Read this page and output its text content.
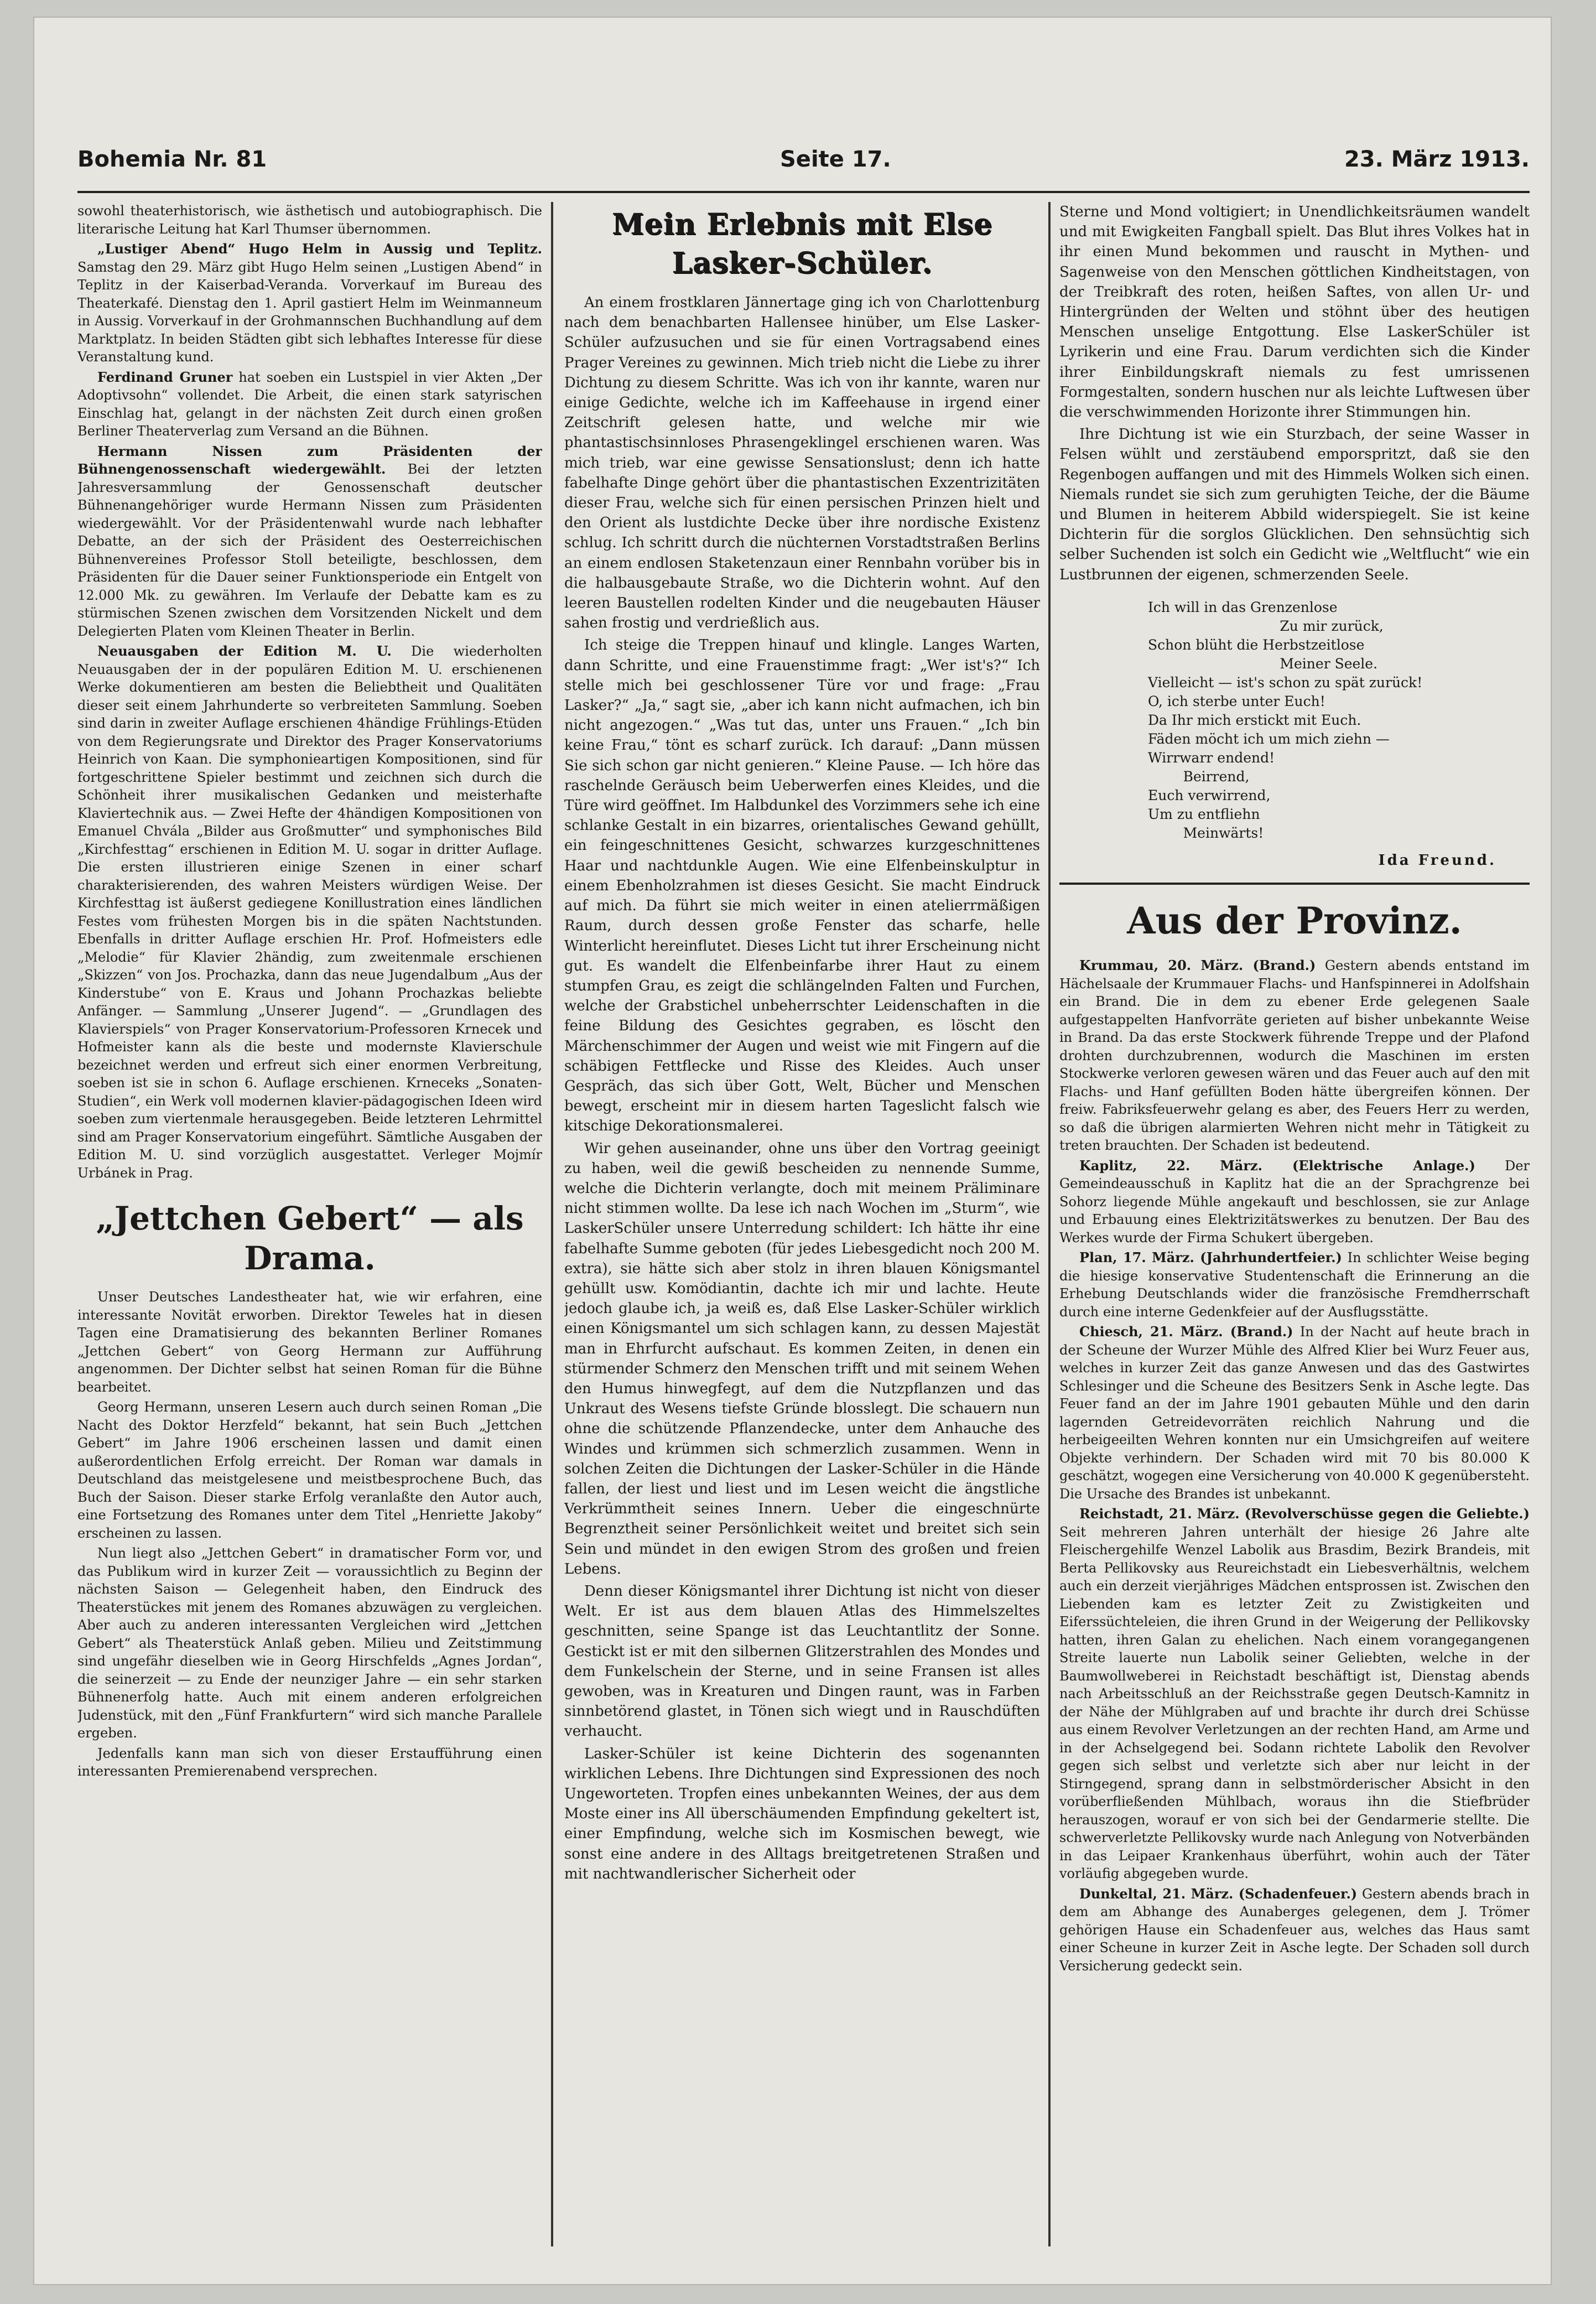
Bohemia Nr. 81	Seite 17.	23. März 1913.

sowohl theaterhistorisch, wie ästhetisch und autobiographisch. Die literarische Leitung hat Karl Thumser übernommen.

„Lustiger Abend“ Hugo Helm in Aussig und Teplitz. Samstag den 29. März gibt Hugo Helm seinen „Lustigen Abend“ in Teplitz in der Kaiserbad-Veranda. Vorverkauf im Bureau des Theaterkafé. Dienstag den 1. April gastiert Helm im Weinmanneum in Aussig. Vorverkauf in der Grohmannschen Buchhandlung auf dem Marktplatz. In beiden Städten gibt sich lebhaftes Interesse für diese Veranstaltung kund.

Ferdinand Gruner hat soeben ein Lustspiel in vier Akten „Der Adoptivsohn“ vollendet. Die Arbeit, die einen stark satyrischen Einschlag hat, gelangt in der nächsten Zeit durch einen großen Berliner Theaterverlag zum Versand an die Bühnen.

Hermann Nissen zum Präsidenten der Bühnengenossenschaft wiedergewählt. Bei der letzten Jahresversammlung der Genossenschaft deutscher Bühnenangehöriger wurde Hermann Nissen zum Präsidenten wiedergewählt. Vor der Präsidentenwahl wurde nach lebhafter Debatte, an der sich der Präsident des Oesterreichischen Bühnenvereines Professor Stoll beteiligte, beschlossen, dem Präsidenten für die Dauer seiner Funktionsperiode ein Entgelt von 12.000 Mk. zu gewähren. Im Verlaufe der Debatte kam es zu stürmischen Szenen zwischen dem Vorsitzenden Nickelt und dem Delegierten Platen vom Kleinen Theater in Berlin.

Neuausgaben der Edition M. U. Die wiederholten Neuausgaben der in der populären Edition M. U. erschienenen Werke dokumentieren am besten die Beliebtheit und Qualitäten dieser seit einem Jahrhunderte so verbreiteten Sammlung. Soeben sind darin in zweiter Auflage erschienen 4händige Frühlings-Etüden von dem Regierungsrate und Direktor des Prager Konservatoriums Heinrich von Kaan. Die symphonieartigen Kompositionen, sind für fortgeschrittene Spieler bestimmt und zeichnen sich durch die Schönheit ihrer musikalischen Gedanken und meisterhafte Klaviertechnik aus. — Zwei Hefte der 4händigen Kompositionen von Emanuel Chvála „Bilder aus Großmutter“ und symphonisches Bild „Kirchfesttag“ erschienen in Edition M. U. sogar in dritter Auflage. Die ersten illustrieren einige Szenen in einer scharf charakterisierenden, des wahren Meisters würdigen Weise. Der Kirchfesttag ist äußerst gediegene Konillustration eines ländlichen Festes vom frühesten Morgen bis in die späten Nachtstunden. Ebenfalls in dritter Auflage erschien Hr. Prof. Hofmeisters edle „Melodie“ für Klavier 2händig, zum zweitenmale erschienen „Skizzen“ von Jos. Prochazka, dann das neue Jugendalbum „Aus der Kinderstube“ von E. Kraus und Johann Prochazkas beliebte Anfänger. — Sammlung „Unserer Jugend“. — „Grundlagen des Klavierspiels“ von Prager Konservatorium-Professoren Krnecek und Hofmeister kann als die beste und modernste Klavierschule bezeichnet werden und erfreut sich einer enormen Verbreitung, soeben ist sie in schon 6. Auflage erschienen. Krneceks „Sonaten-Studien“, ein Werk voll modernen klavier-pädagogischen Ideen wird soeben zum viertenmale herausgegeben. Beide letzteren Lehrmittel sind am Prager Konservatorium eingeführt. Sämtliche Ausgaben der Edition M. U. sind vorzüglich ausgestattet. Verleger Mojmír Urbánek in Prag.

„Jettchen Gebert“ — als Drama.

Unser Deutsches Landestheater hat, wie wir erfahren, eine interessante Novität erworben. Direktor Teweles hat in diesen Tagen eine Dramatisierung des bekannten Berliner Romanes „Jettchen Gebert“ von Georg Hermann zur Aufführung angenommen. Der Dichter selbst hat seinen Roman für die Bühne bearbeitet.

Georg Hermann, unseren Lesern auch durch seinen Roman „Die Nacht des Doktor Herzfeld“ bekannt, hat sein Buch „Jettchen Gebert“ im Jahre 1906 erscheinen lassen und damit einen außerordentlichen Erfolg erreicht. Der Roman war damals in Deutschland das meistgelesene und meistbesprochene Buch, das Buch der Saison. Dieser starke Erfolg veranlaßte den Autor auch, eine Fortsetzung des Romanes unter dem Titel „Henriette Jakoby“ erscheinen zu lassen.

Nun liegt also „Jettchen Gebert“ in dramatischer Form vor, und das Publikum wird in kurzer Zeit — voraussichtlich zu Beginn der nächsten Saison — Gelegenheit haben, den Eindruck des Theaterstückes mit jenem des Romanes abzuwägen zu vergleichen. Aber auch zu anderen interessanten Vergleichen wird „Jettchen Gebert“ als Theaterstück Anlaß geben. Milieu und Zeitstimmung sind ungefähr dieselben wie in Georg Hirschfelds „Agnes Jordan“, die seinerzeit — zu Ende der neunziger Jahre — ein sehr starken Bühnenerfolg hatte. Auch mit einem anderen erfolgreichen Judenstück, mit den „Fünf Frankfurtern“ wird sich manche Parallele ergeben.

Jedenfalls kann man sich von dieser Erstaufführung einen interessanten Premierenabend versprechen.

Mein Erlebnis mit Else Lasker-Schüler.

An einem frostklaren Jännertage ging ich von Charlottenburg nach dem benachbarten Hallensee hinüber, um Else Lasker-Schüler aufzusuchen und sie für einen Vortragsabend eines Prager Vereines zu gewinnen. Mich trieb nicht die Liebe zu ihrer Dichtung zu diesem Schritte. Was ich von ihr kannte, waren nur einige Gedichte, welche ich im Kaffeehause in irgend einer Zeitschrift gelesen hatte, und welche mir wie phantastischsinnloses Phrasengeklingel erschienen waren. Was mich trieb, war eine gewisse Sensationslust; denn ich hatte fabelhafte Dinge gehört über die phantastischen Exzentrizitäten dieser Frau, welche sich für einen persischen Prinzen hielt und den Orient als lustdichte Decke über ihre nordische Existenz schlug. Ich schritt durch die nüchternen Vorstadtstraßen Berlins an einem endlosen Staketenzaun einer Rennbahn vorüber bis in die halbausgebaute Straße, wo die Dichterin wohnt. Auf den leeren Baustellen rodelten Kinder und die neugebauten Häuser sahen frostig und verdrießlich aus.

Ich steige die Treppen hinauf und klingle. Langes Warten, dann Schritte, und eine Frauenstimme fragt: „Wer ist's?“ Ich stelle mich bei geschlossener Türe vor und frage: „Frau Lasker?“ „Ja,“ sagt sie, „aber ich kann nicht aufmachen, ich bin nicht angezogen.“ „Was tut das, unter uns Frauen.“ „Ich bin keine Frau,“ tönt es scharf zurück. Ich darauf: „Dann müssen Sie sich schon gar nicht genieren.“ Kleine Pause. — Ich höre das raschelnde Geräusch beim Ueberwerfen eines Kleides, und die Türe wird geöffnet. Im Halbdunkel des Vorzimmers sehe ich eine schlanke Gestalt in ein bizarres, orientalisches Gewand gehüllt, ein feingeschnittenes Gesicht, schwarzes kurzgeschnittenes Haar und nachtdunkle Augen. Wie eine Elfenbeinskulptur in einem Ebenholzrahmen ist dieses Gesicht. Sie macht Eindruck auf mich. Da führt sie mich weiter in einen atelierrmäßigen Raum, durch dessen große Fenster das scharfe, helle Winterlicht hereinflutet. Dieses Licht tut ihrer Erscheinung nicht gut. Es wandelt die Elfenbeinfarbe ihrer Haut zu einem stumpfen Grau, es zeigt die schlängelnden Falten und Furchen, welche der Grabstichel unbeherrschter Leidenschaften in die feine Bildung des Gesichtes gegraben, es löscht den Märchenschimmer der Augen und weist wie mit Fingern auf die schäbigen Fettflecke und Risse des Kleides. Auch unser Gespräch, das sich über Gott, Welt, Bücher und Menschen bewegt, erscheint mir in diesem harten Tageslicht falsch wie kitschige Dekorationsmalerei.

Wir gehen auseinander, ohne uns über den Vortrag geeinigt zu haben, weil die gewiß bescheiden zu nennende Summe, welche die Dichterin verlangte, doch mit meinem Präliminare nicht stimmen wollte. Da lese ich nach Wochen im „Sturm“, wie LaskerSchüler unsere Unterredung schildert: Ich hätte ihr eine fabelhafte Summe geboten (für jedes Liebesgedicht noch 200 M. extra), sie hätte sich aber stolz in ihren blauen Königsmantel gehüllt usw. Komödiantin, dachte ich mir und lachte. Heute jedoch glaube ich, ja weiß es, daß Else Lasker-Schüler wirklich einen Königsmantel um sich schlagen kann, zu dessen Majestät man in Ehrfurcht aufschaut. Es kommen Zeiten, in denen ein stürmender Schmerz den Menschen trifft und mit seinem Wehen den Humus hinwegfegt, auf dem die Nutzpflanzen und das Unkraut des Wesens tiefste Gründe blosslegt. Die schauern nun ohne die schützende Pflanzendecke, unter dem Anhauche des Windes und krümmen sich schmerzlich zusammen. Wenn in solchen Zeiten die Dichtungen der Lasker-Schüler in die Hände fallen, der liest und liest und im Lesen weicht die ängstliche Verkrümmtheit seines Innern. Ueber die eingeschnürte Begrenztheit seiner Persönlichkeit weitet und breitet sich sein Sein und mündet in den ewigen Strom des großen und freien Lebens.

Denn dieser Königsmantel ihrer Dichtung ist nicht von dieser Welt. Er ist aus dem blauen Atlas des Himmelszeltes geschnitten, seine Spange ist das Leuchtantlitz der Sonne. Gestickt ist er mit den silbernen Glitzerstrahlen des Mondes und dem Funkelschein der Sterne, und in seine Fransen ist alles gewoben, was in Kreaturen und Dingen raunt, was in Farben sinnbetörend glastet, in Tönen sich wiegt und in Rauschdüften verhaucht.

Lasker-Schüler ist keine Dichterin des sogenannten wirklichen Lebens. Ihre Dichtungen sind Expressionen des noch Ungeworteten. Tropfen eines unbekannten Weines, der aus dem Moste einer ins All überschäumenden Empfindung gekeltert ist, einer Empfindung, welche sich im Kosmischen bewegt, wie sonst eine andere in des Alltags breitgetretenen Straßen und mit nachtwandlerischer Sicherheit oder

Sterne und Mond voltigiert; in Unendlichkeitsräumen wandelt und mit Ewigkeiten Fangball spielt. Das Blut ihres Volkes hat in ihr einen Mund bekommen und rauscht in Mythen- und Sagenweise von den Menschen göttlichen Kindheitstagen, von der Treibkraft des roten, heißen Saftes, von allen Ur- und Hintergründen der Welten und stöhnt über des heutigen Menschen unselige Entgottung. Else LaskerSchüler ist Lyrikerin und eine Frau. Darum verdichten sich die Kinder ihrer Einbildungskraft niemals zu fest umrissenen Formgestalten, sondern huschen nur als leichte Luftwesen über die verschwimmenden Horizonte ihrer Stimmungen hin.

Ihre Dichtung ist wie ein Sturzbach, der seine Wasser in Felsen wühlt und zerstäubend emporspritzt, daß sie den Regenbogen auffangen und mit des Himmels Wolken sich einen. Niemals rundet sie sich zum geruhigten Teiche, der die Bäume und Blumen in heiterem Abbild widerspiegelt. Sie ist keine Dichterin für die sorglos Glücklichen. Den sehnsüchtig sich selber Suchenden ist solch ein Gedicht wie „Weltflucht“ wie ein Lustbrunnen der eigenen, schmerzenden Seele.

Ich will in das Grenzenlose
Zu mir zurück,
Schon blüht die Herbstzeitlose
Meiner Seele.
Vielleicht — ist's schon zu spät zurück!
O, ich sterbe unter Euch!
Da Ihr mich erstickt mit Euch.
Fäden möcht ich um mich ziehn —
Wirrwarr endend!
Beirrend,
Euch verwirrend,
Um zu entfliehn
Meinwärts!
Ida Freund.
Aus der Provinz.

Krummau, 20. März. (Brand.) Gestern abends entstand im Hächelsaale der Krummauer Flachs- und Hanfspinnerei in Adolfshain ein Brand. Die in dem zu ebener Erde gelegenen Saale aufgestappelten Hanfvorräte gerieten auf bisher unbekannte Weise in Brand. Da das erste Stockwerk führende Treppe und der Plafond drohten durchzubrennen, wodurch die Maschinen im ersten Stockwerke verloren gewesen wären und das Feuer auch auf den mit Flachs- und Hanf gefüllten Boden hätte übergreifen können. Der freiw. Fabriksfeuerwehr gelang es aber, des Feuers Herr zu werden, so daß die übrigen alarmierten Wehren nicht mehr in Tätigkeit zu treten brauchten. Der Schaden ist bedeutend.

Kaplitz, 22. März. (Elektrische Anlage.) Der Gemeindeausschuß in Kaplitz hat die an der Sprachgrenze bei Sohorz liegende Mühle angekauft und beschlossen, sie zur Anlage und Erbauung eines Elektrizitätswerkes zu benutzen. Der Bau des Werkes wurde der Firma Schukert übergeben.

Plan, 17. März. (Jahrhundertfeier.) In schlichter Weise beging die hiesige konservative Studentenschaft die Erinnerung an die Erhebung Deutschlands wider die französische Fremdherrschaft durch eine interne Gedenkfeier auf der Ausflugsstätte.

Chiesch, 21. März. (Brand.) In der Nacht auf heute brach in der Scheune der Wurzer Mühle des Alfred Klier bei Wurz Feuer aus, welches in kurzer Zeit das ganze Anwesen und das des Gastwirtes Schlesinger und die Scheune des Besitzers Senk in Asche legte. Das Feuer fand an der im Jahre 1901 gebauten Mühle und den darin lagernden Getreidevorräten reichlich Nahrung und die herbeigeeilten Wehren konnten nur ein Umsichgreifen auf weitere Objekte verhindern. Der Schaden wird mit 70 bis 80.000 K geschätzt, wogegen eine Versicherung von 40.000 K gegenübersteht. Die Ursache des Brandes ist unbekannt.

Reichstadt, 21. März. (Revolverschüsse gegen die Geliebte.) Seit mehreren Jahren unterhält der hiesige 26 Jahre alte Fleischergehilfe Wenzel Labolik aus Brasdim, Bezirk Brandeis, mit Berta Pellikovsky aus Reureichstadt ein Liebesverhältnis, welchem auch ein derzeit vierjähriges Mädchen entsprossen ist. Zwischen den Liebenden kam es letzter Zeit zu Zwistigkeiten und Eiferssüchteleien, die ihren Grund in der Weigerung der Pellikovsky hatten, ihren Galan zu ehelichen. Nach einem vorangegangenen Streite lauerte nun Labolik seiner Geliebten, welche in der Baumwollweberei in Reichstadt beschäftigt ist, Dienstag abends nach Arbeitsschluß an der Reichsstraße gegen Deutsch-Kamnitz in der Nähe der Mühlgraben auf und brachte ihr durch drei Schüsse aus einem Revolver Verletzungen an der rechten Hand, am Arme und in der Achselgegend bei. Sodann richtete Labolik den Revolver gegen sich selbst und verletzte sich aber nur leicht in der Stirngegend, sprang dann in selbstmörderischer Absicht in den vorüberfließenden Mühlbach, woraus ihn die Stiefbrüder herauszogen, worauf er von sich bei der Gendarmerie stellte. Die schwerverletzte Pellikovsky wurde nach Anlegung von Notverbänden in das Leipaer Krankenhaus überführt, wohin auch der Täter vorläufig abgegeben wurde.

Dunkeltal, 21. März. (Schadenfeuer.) Gestern abends brach in dem am Abhange des Aunaberges gelegenen, dem J. Trömer gehörigen Hause ein Schadenfeuer aus, welches das Haus samt einer Scheune in kurzer Zeit in Asche legte. Der Schaden soll durch Versicherung gedeckt sein.
